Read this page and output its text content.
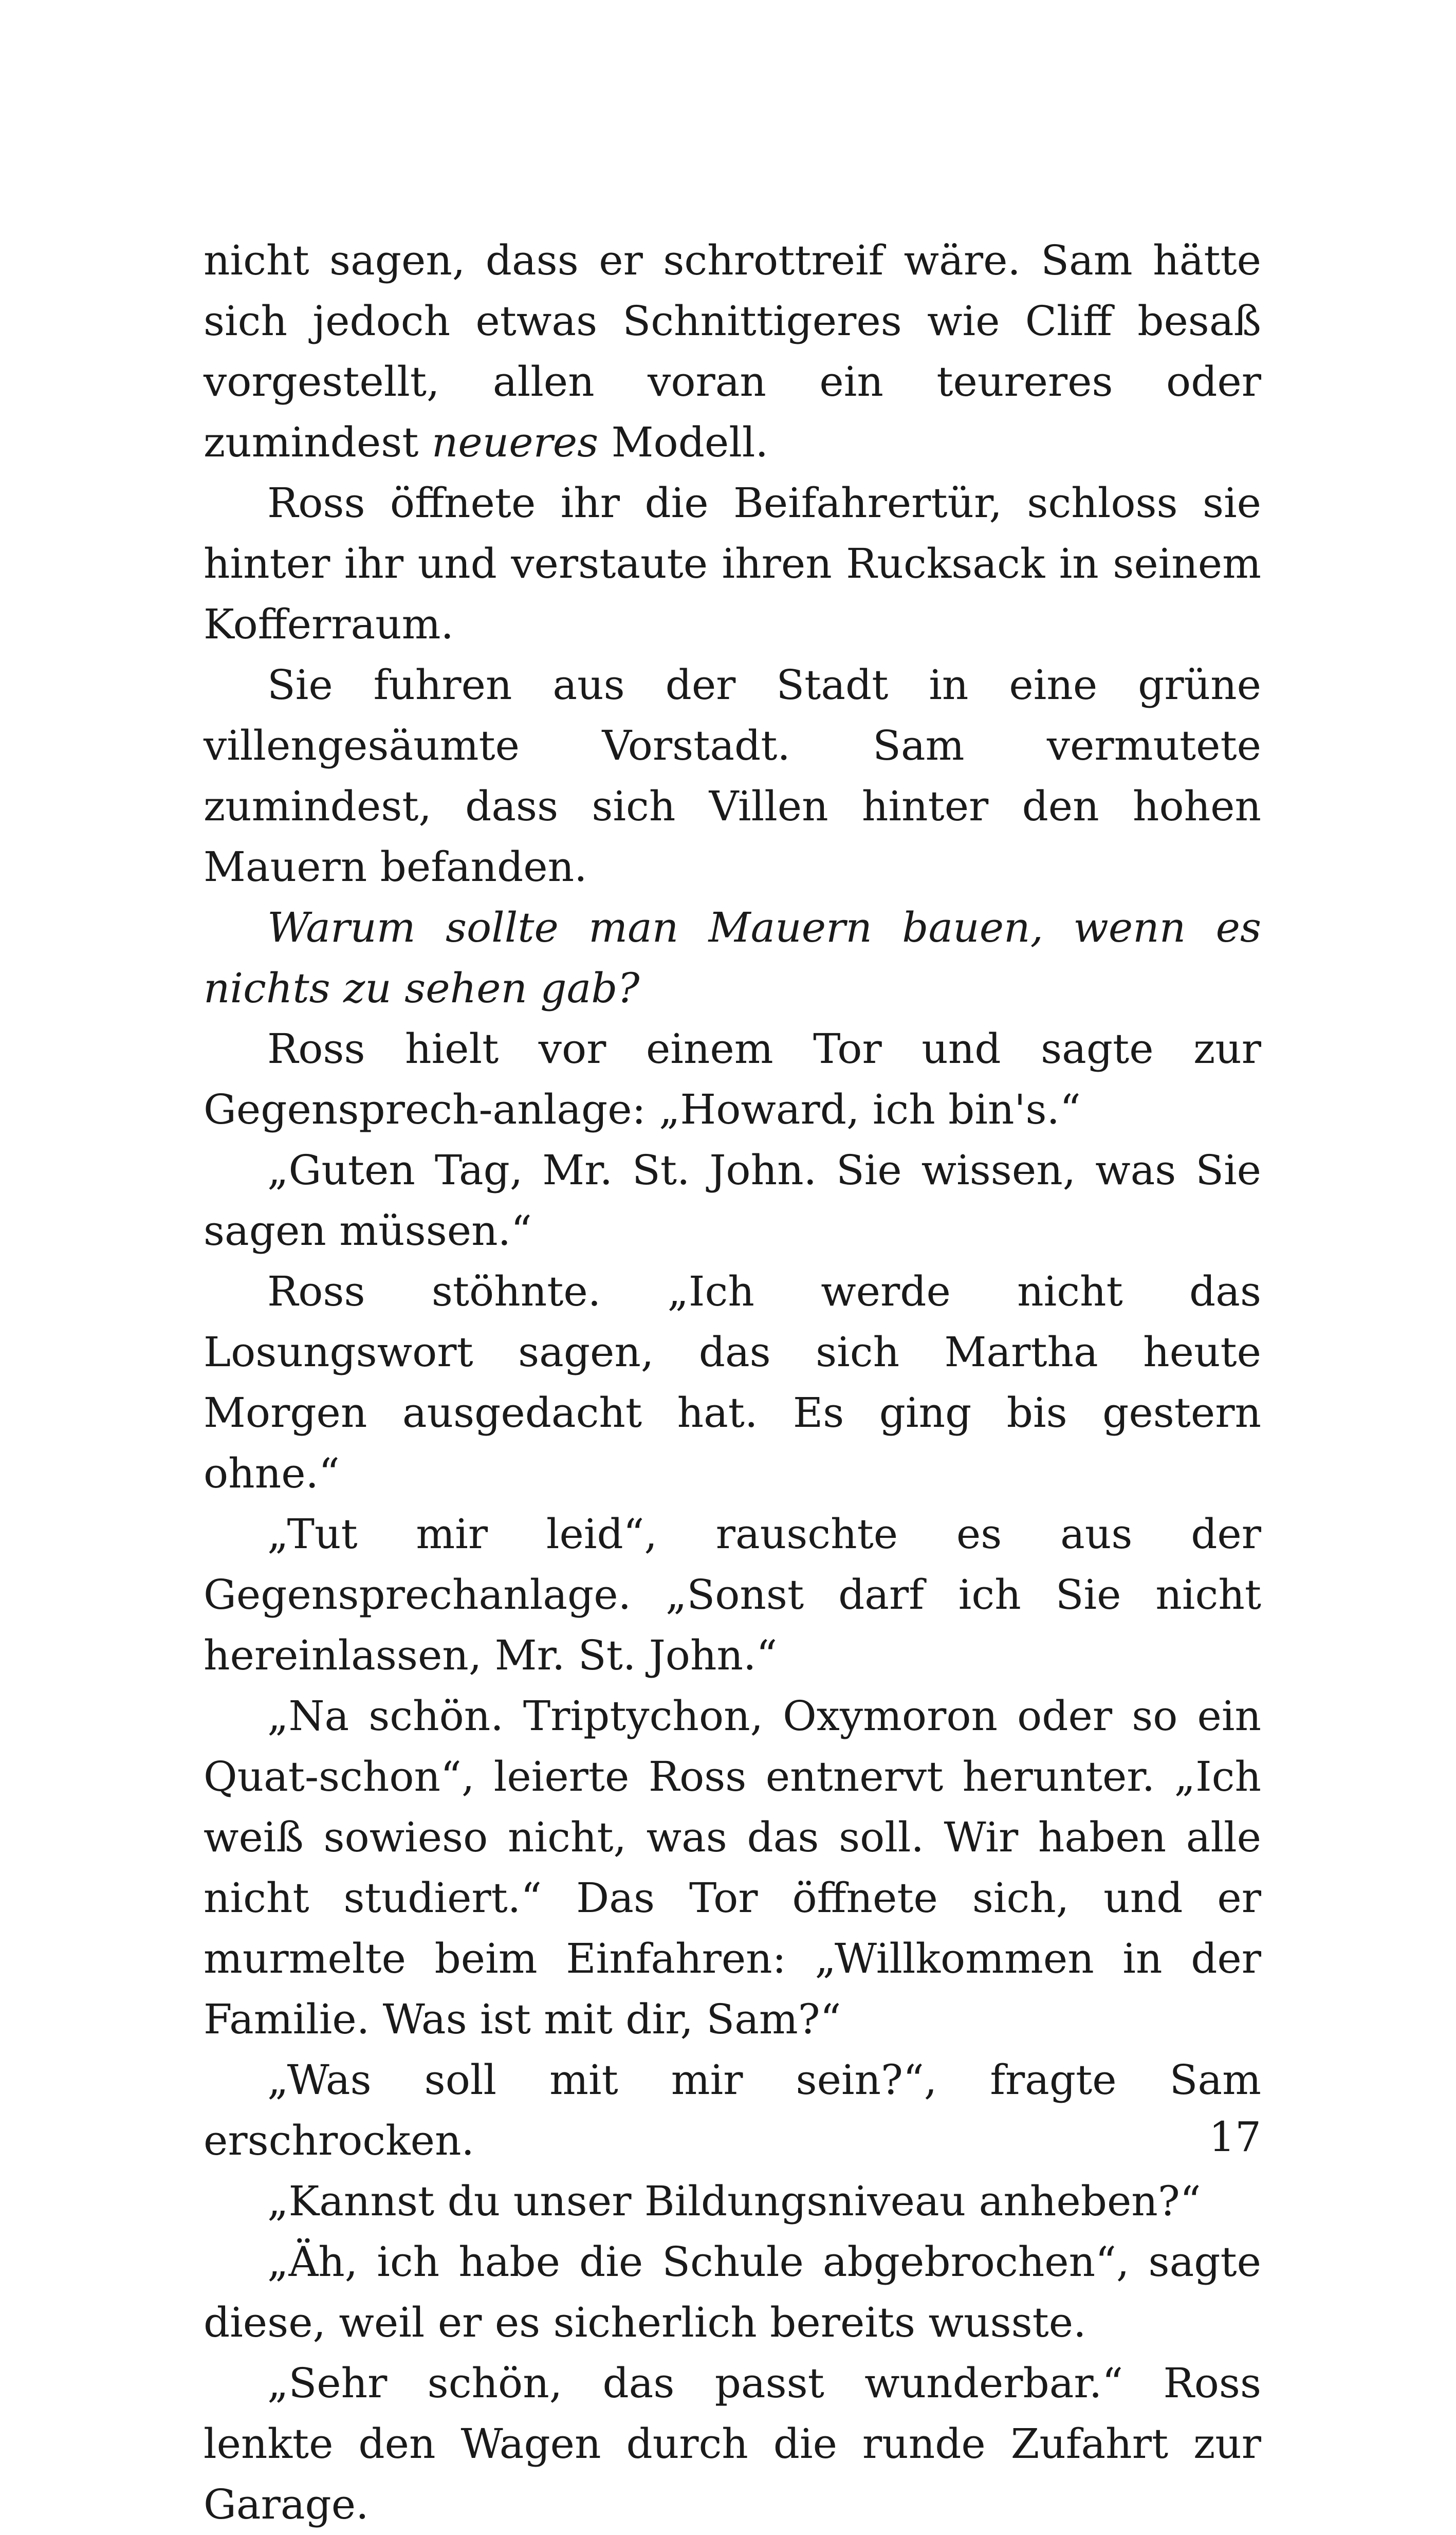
nicht sagen, dass er schrottreif wäre. Sam hätte sich jedoch etwas Schnittigeres wie Cliff besaß vorgestellt, allen voran ein teureres oder zumindest neueres Modell.

Ross öffnete ihr die Beifahrertür, schloss sie hinter ihr und verstaute ihren Rucksack in seinem Kofferraum.

Sie fuhren aus der Stadt in eine grüne villengesäumte Vorstadt. Sam vermutete zumindest, dass sich Villen hinter den hohen Mauern befanden.

Warum sollte man Mauern bauen, wenn es nichts zu sehen gab?

Ross hielt vor einem Tor und sagte zur Gegensprech-anlage: „Howard, ich bin's.“

„Guten Tag, Mr. St. John. Sie wissen, was Sie sagen müssen.“

Ross stöhnte. „Ich werde nicht das Losungswort sagen, das sich Martha heute Morgen ausgedacht hat. Es ging bis gestern ohne.“

„Tut mir leid“, rauschte es aus der Gegensprechanlage. „Sonst darf ich Sie nicht hereinlassen, Mr. St. John.“

„Na schön. Triptychon, Oxymoron oder so ein Quat-schon“, leierte Ross entnervt herunter. „Ich weiß sowieso nicht, was das soll. Wir haben alle nicht studiert.“ Das Tor öffnete sich, und er murmelte beim Einfahren: „Willkommen in der Familie. Was ist mit dir, Sam?“

„Was soll mit mir sein?“, fragte Sam erschrocken.

„Kannst du unser Bildungsniveau anheben?“

„Äh, ich habe die Schule abgebrochen“, sagte diese, weil er es sicherlich bereits wusste.

„Sehr schön, das passt wunderbar.“ Ross lenkte den Wagen durch die runde Zufahrt zur Garage.

17
